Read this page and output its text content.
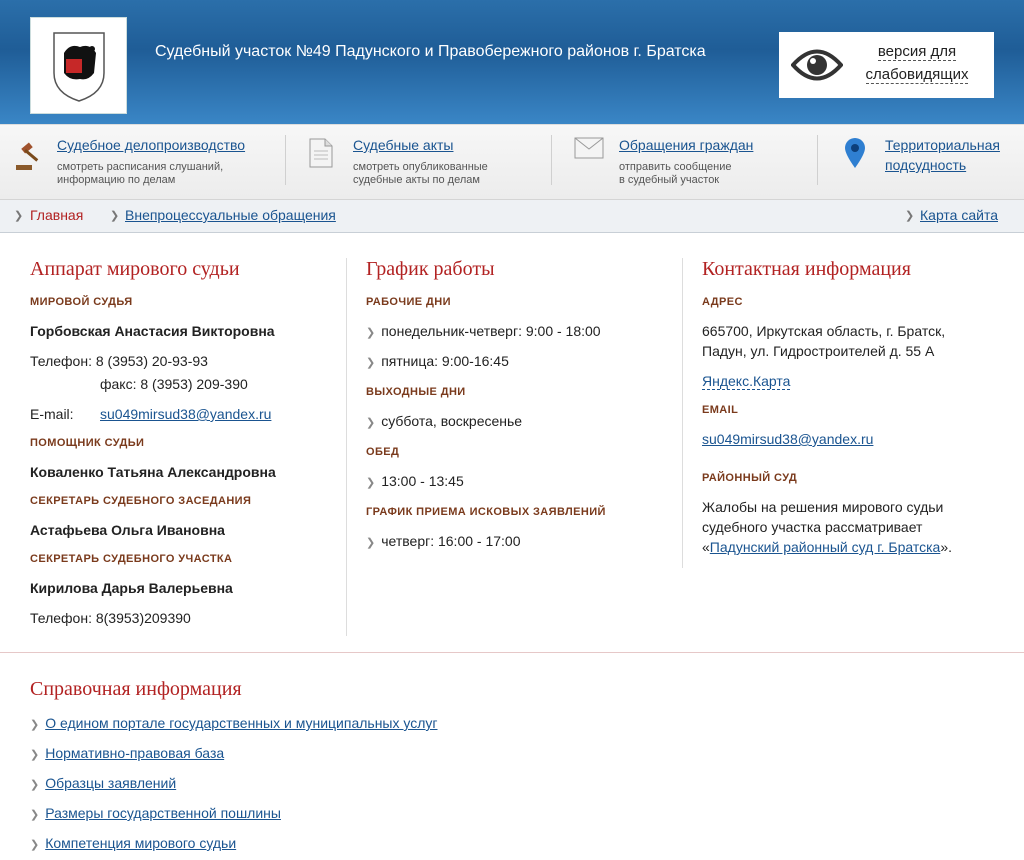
Судебный участок №49 Падунского и Правобережного районов г. Братска	версия для слабовидящих
Судебное делопроизводство
смотреть расписания слушаний,
информацию по делам
Судебные акты
смотреть опубликованные
судебные акты по делам
Обращения граждан
отправить сообщение
в судебный участок
Территориальная
подсудность
❯ Главная ❯ Внепроцессуальные обращения	❯ Карта сайта
Аппарат мирового судьи
МИРОВОЙ СУДЬЯ
Горбовская Анастасия Викторовна
Телефон: 8 (3953) 20-93-93
факс: 8 (3953) 209-390
E-mail: su049mirsud38@yandex.ru
ПОМОЩНИК СУДЬИ
Коваленко Татьяна Александровна
СЕКРЕТАРЬ СУДЕБНОГО ЗАСЕДАНИЯ
Астафьева Ольга Ивановна
СЕКРЕТАРЬ СУДЕБНОГО УЧАСТКА
Кирилова Дарья Валерьевна
Телефон: 8(3953)209390
График работы
РАБОЧИЕ ДНИ
❯ понедельник-четверг: 9:00 - 18:00
❯ пятница: 9:00-16:45
ВЫХОДНЫЕ ДНИ
❯ суббота, воскресенье
ОБЕД
❯ 13:00 - 13:45
ГРАФИК ПРИЕМА ИСКОВЫХ ЗАЯВЛЕНИЙ
❯ четверг: 16:00 - 17:00
Контактная информация
АДРЕС
665700, Иркутская область, г. Братск,
Падун, ул. Гидростроителей д. 55 А
Яндекс.Карта
EMAIL
su049mirsud38@yandex.ru
РАЙОННЫЙ СУД
Жалобы на решения мирового судьи
судебного участка рассматривает
«Падунский районный суд г. Братска».
Справочная информация
❯ О едином портале государственных и муниципальных услуг
❯ Нормативно-правовая база
❯ Образцы заявлений
❯ Размеры государственной пошлины
❯ Компетенция мирового судьи
